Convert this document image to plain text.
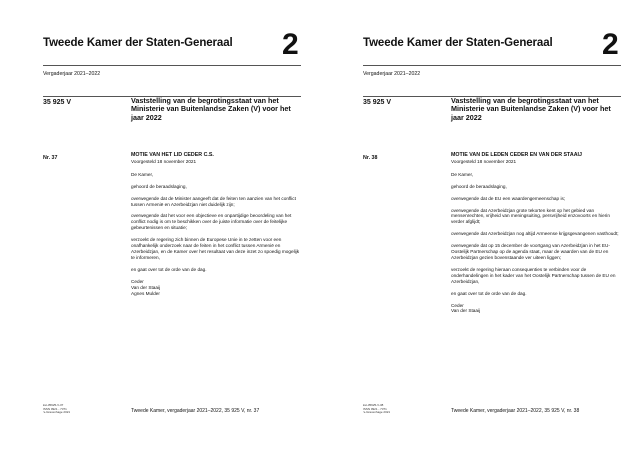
Tweede Kamer der Staten-Generaal 2
Vergaderjaar 2021–2022
35 925 V	Vaststelling van de begrotingsstaat van het Ministerie van Buitenlandse Zaken (V) voor het jaar 2022
Nr. 37	MOTIE VAN HET LID CEDER C.S.
Voorgesteld 18 november 2021

De Kamer,

gehoord de beraadslaging,

overwegende dat de Minister aangeeft dat de feiten ten aanzien van het conflict tussen Armenië en Azerbeidzjan niet duidelijk zijn;

overwegende dat het voor een objectieve en onpartijdige beoordeling van het conflict nodig is om te beschikken over de juiste informatie over de feitelijke gebeurtenissen en situatie;

verzoekt de regering zich binnen de Europese Unie in te zetten voor een onafhankelijk onderzoek naar de feiten in het conflict tussen Armenië en Azerbeidzjan, en de Kamer over het resultaat van deze inzet zo spoedig mogelijk te informeren,

en gaat over tot de orde van de dag.

Ceder
Van der Staaij
Agnes Mulder
kst-35925-V-37
ISSN 0921 - 7371
's-Gravenhage 2021	Tweede Kamer, vergaderjaar 2021–2022, 35 925 V, nr. 37
Tweede Kamer der Staten-Generaal 2
Vergaderjaar 2021–2022
35 925 V	Vaststelling van de begrotingsstaat van het Ministerie van Buitenlandse Zaken (V) voor het jaar 2022
Nr. 38	MOTIE VAN DE LEDEN CEDER EN VAN DER STAAIJ
Voorgesteld 18 november 2021

De Kamer,

gehoord de beraadslaging,

overwegende dat de EU een waardengemeenschap is;

overwegende dat Azerbeidzjan grote tekorten kent op het gebied van mensenrechten, vrijheid van meningsuiting, persvrijheid enzovoorts en hierin verder afglijdt;

overwegende dat Azerbeidzjan nog altijd Armeense krijgsgevangenen vasthoudt;

overwegende dat op 15 december de voortgang van Azerbeidzjan in het EU-Oostelijk Partnerschap op de agenda staat, maar de waarden van de EU en Azerbeidzjan gezien bovenstaande ver uiteen liggen;

verzoekt de regering hieraan consequenties te verbinden voor de onderhandelingen in het kader van het Oostelijk Partnerschap tussen de EU en Azerbeidzjan,

en gaat over tot de orde van de dag.

Ceder
Van der Staaij
kst-35925-V-38
ISSN 0921 - 7371
's-Gravenhage 2021	Tweede Kamer, vergaderjaar 2021–2022, 35 925 V, nr. 38
